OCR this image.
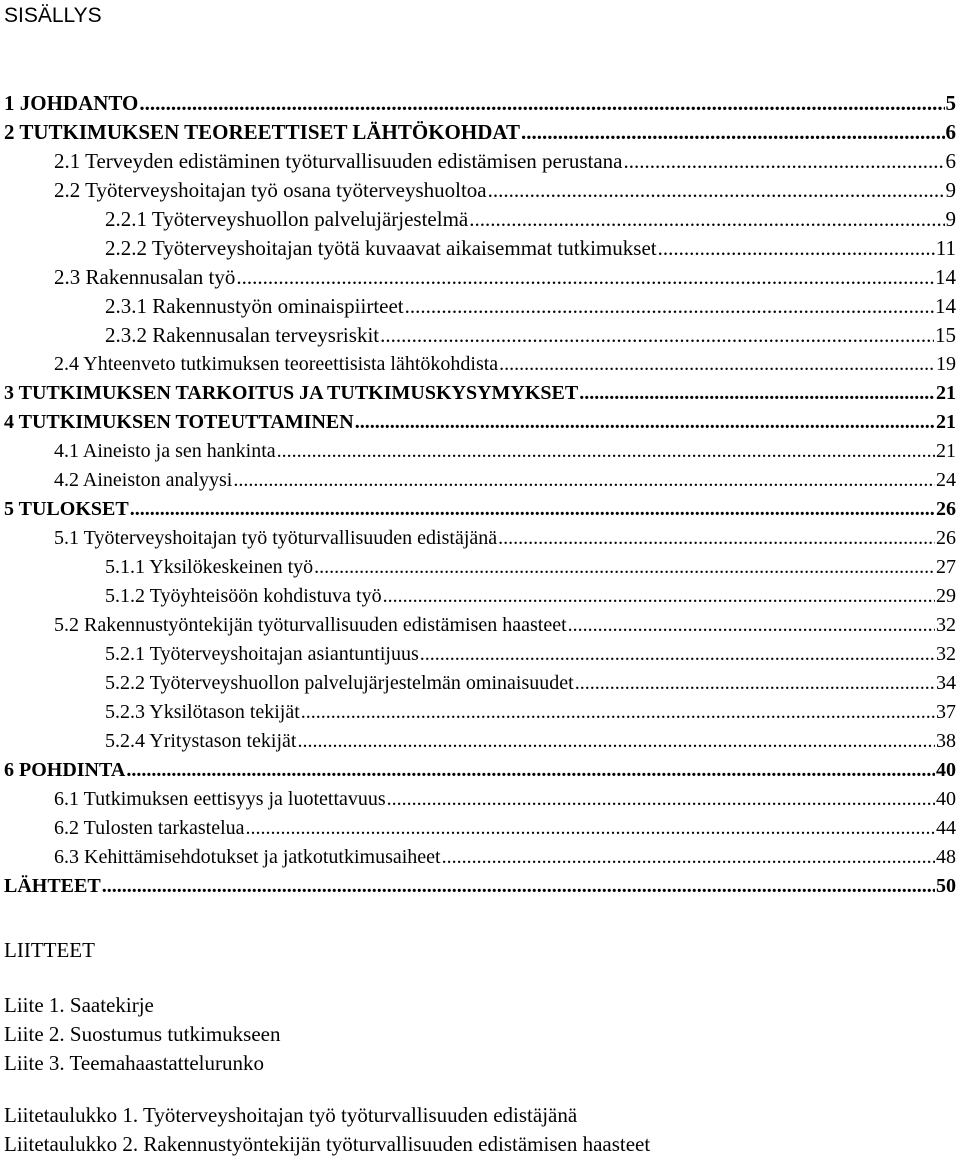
SISÄLLYS
1 JOHDANTO .....	5
2 TUTKIMUKSEN TEOREETTISET LÄHTÖKOHDAT .....	6
2.1 Terveyden edistäminen työturvallisuuden edistämisen perustana .....	6
2.2 Työterveyshoitajan työ osana työterveyshuoltoa .....	9
2.2.1 Työterveyshuollon palvelujärjestelmä .....	9
2.2.2 Työterveyshoitajan työtä kuvaavat aikaisemmat tutkimukset .....	11
2.3 Rakennusalan työ .....	14
2.3.1 Rakennustyön ominaispiirteet .....	14
2.3.2 Rakennusalan terveysriskit .....	15
2.4 Yhteenveto tutkimuksen teoreettisista lähtökohdista .....	19
3 TUTKIMUKSEN TARKOITUS JA TUTKIMUSKYSYMYKSET .....	21
4 TUTKIMUKSEN TOTEUTTAMINEN .....	21
4.1 Aineisto ja sen hankinta .....	21
4.2 Aineiston analyysi .....	24
5 TULOKSET .....	26
5.1 Työterveyshoitajan työ työturvallisuuden edistäjänä .....	26
5.1.1 Yksilökeskeinen työ .....	27
5.1.2 Työyhteisöön kohdistuva työ .....	29
5.2 Rakennustyöntekijän työturvallisuuden edistämisen haasteet .....	32
5.2.1 Työterveyshoitajan asiantuntijuus .....	32
5.2.2 Työterveyshuollon palvelujärjestelmän ominaisuudet .....	34
5.2.3 Yksilötason tekijät .....	37
5.2.4 Yritystason tekijät .....	38
6 POHDINTA .....	40
6.1 Tutkimuksen eettisyys ja luotettavuus .....	40
6.2 Tulosten tarkastelua .....	44
6.3 Kehittämisehdotukset ja jatkotutkimusaiheet .....	48
LÄHTEET .....	50
LIITTEET
Liite 1. Saatekirje
Liite 2. Suostumus tutkimukseen
Liite 3. Teemahaastattelurunko
Liitetaulukko 1. Työterveyshoitajan työ työturvallisuuden edistäjänä
Liitetaulukko 2. Rakennustyöntekijän työturvallisuuden edistämisen haasteet
